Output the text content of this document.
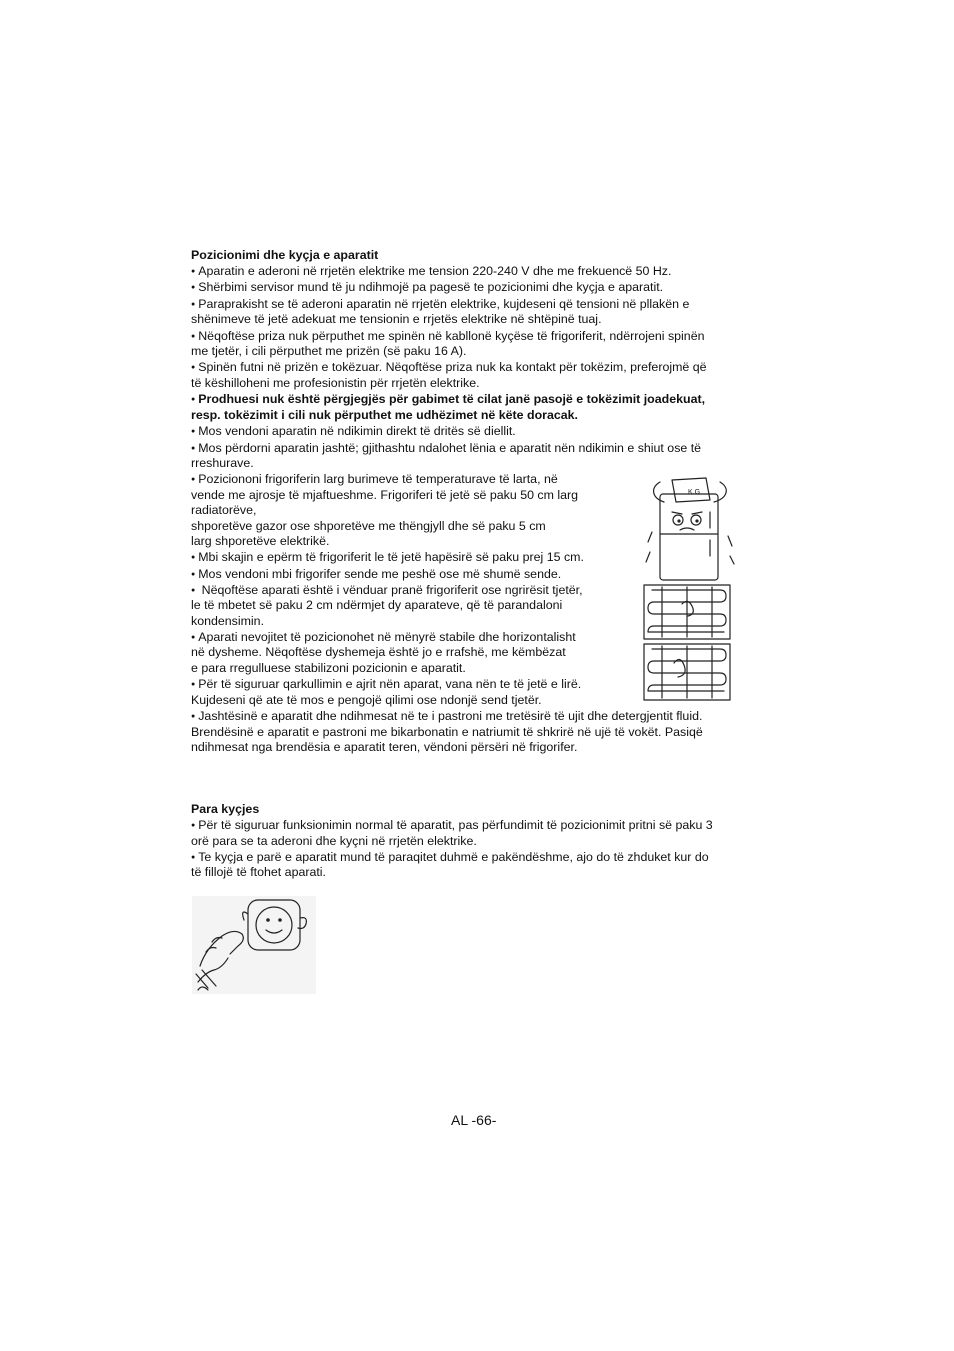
Pozicionimi dhe kyçja e aparatit
● Aparatin e aderoni në rrjetën elektrike me tension 220-240 V dhe me frekuencë 50 Hz.
● Shërbimi servisor mund të ju ndihmojë pa pagesë te pozicionimi dhe kyçja e aparatit.
● Paraprakisht se të aderoni aparatin në rrjetën elektrike, kujdeseni që tensioni në pllakën e
shënimeve të jetë adekuat me tensionin e rrjetës elektrike në shtëpinë tuaj.
● Nëqoftëse priza nuk përputhet me spinën në kabllonë kyçëse të frigoriferit, ndërrojeni spinën
me tjetër, i cili përputhet me prizën (së paku 16 A).
● Spinën futni në prizën e tokëzuar. Nëqoftëse priza nuk ka kontakt për tokëzim, preferojmë që
të këshilloheni me profesionistin për rrjetën elektrike.
● Prodhuesi nuk është përgjegjës për gabimet të cilat janë pasojë e tokëzimit joadekuat,
resp. tokëzimit i cili nuk përputhet me udhëzimet në këte doracak.
● Mos vendoni aparatin në ndikimin direkt të dritës së diellit.
● Mos përdorni aparatin jashtë; gjithashtu ndalohet lënia e aparatit nën ndikimin e shiut ose të
rreshurave.
● Poziciononi frigoriferin larg burimeve të temperaturave të larta, në
vende me ajrosje të mjaftueshme. Frigoriferi të jetë së paku 50 cm larg
radiatorëve,
shporetëve gazor ose shporetëve me thëngjyll dhe së paku 5 cm
larg shporetëve elektrikë.
● Mbi skajin e epërm të frigoriferit le të jetë hapësirë së paku prej 15 cm.
● Mos vendoni mbi frigorifer sende me peshë ose më shumë sende.
● Nëqoftëse aparati është i vënduar pranë frigoriferit ose ngrirësit tjetër,
le të mbetet së paku 2 cm ndërmjet dy aparateve, që të parandaloni
kondensimin.
● Aparati nevojitet të pozicionohet në mënyrë stabile dhe horizontalisht
në dysheme. Nëqoftëse dyshemeja është jo e rrafshë, me këmbëzat
e para rregulluese stabilizoni pozicionin e aparatit.
● Për të siguruar qarkullimin e ajrit nën aparat, vana nën te të jetë e lirë.
Kujdeseni që ate të mos e pengojë qilimi ose ndonjë send tjetër.
● Jashtësinë e aparatit dhe ndihmesat në te i pastroni me tretësirë të ujit dhe detergjentit fluid.
Brendësinë e aparatit e pastroni me bikarbonatin e natriumit të shkrirë në ujë të vokët. Pasiqë
ndihmesat nga brendësia e aparatit teren, vëndoni përsëri në frigorifer.
Para kyçjes
● Për të siguruar funksionimin normal të aparatit, pas përfundimit të pozicionimit pritni së paku 3
orë para se ta aderoni dhe kyçni në rrjetën elektrike.
● Te kyçja e parë e aparatit mund të paraqitet duhmë e pakëndëshme, ajo do të zhduket kur do
të fillojë të ftohet aparati.
K.G
AL -66-
